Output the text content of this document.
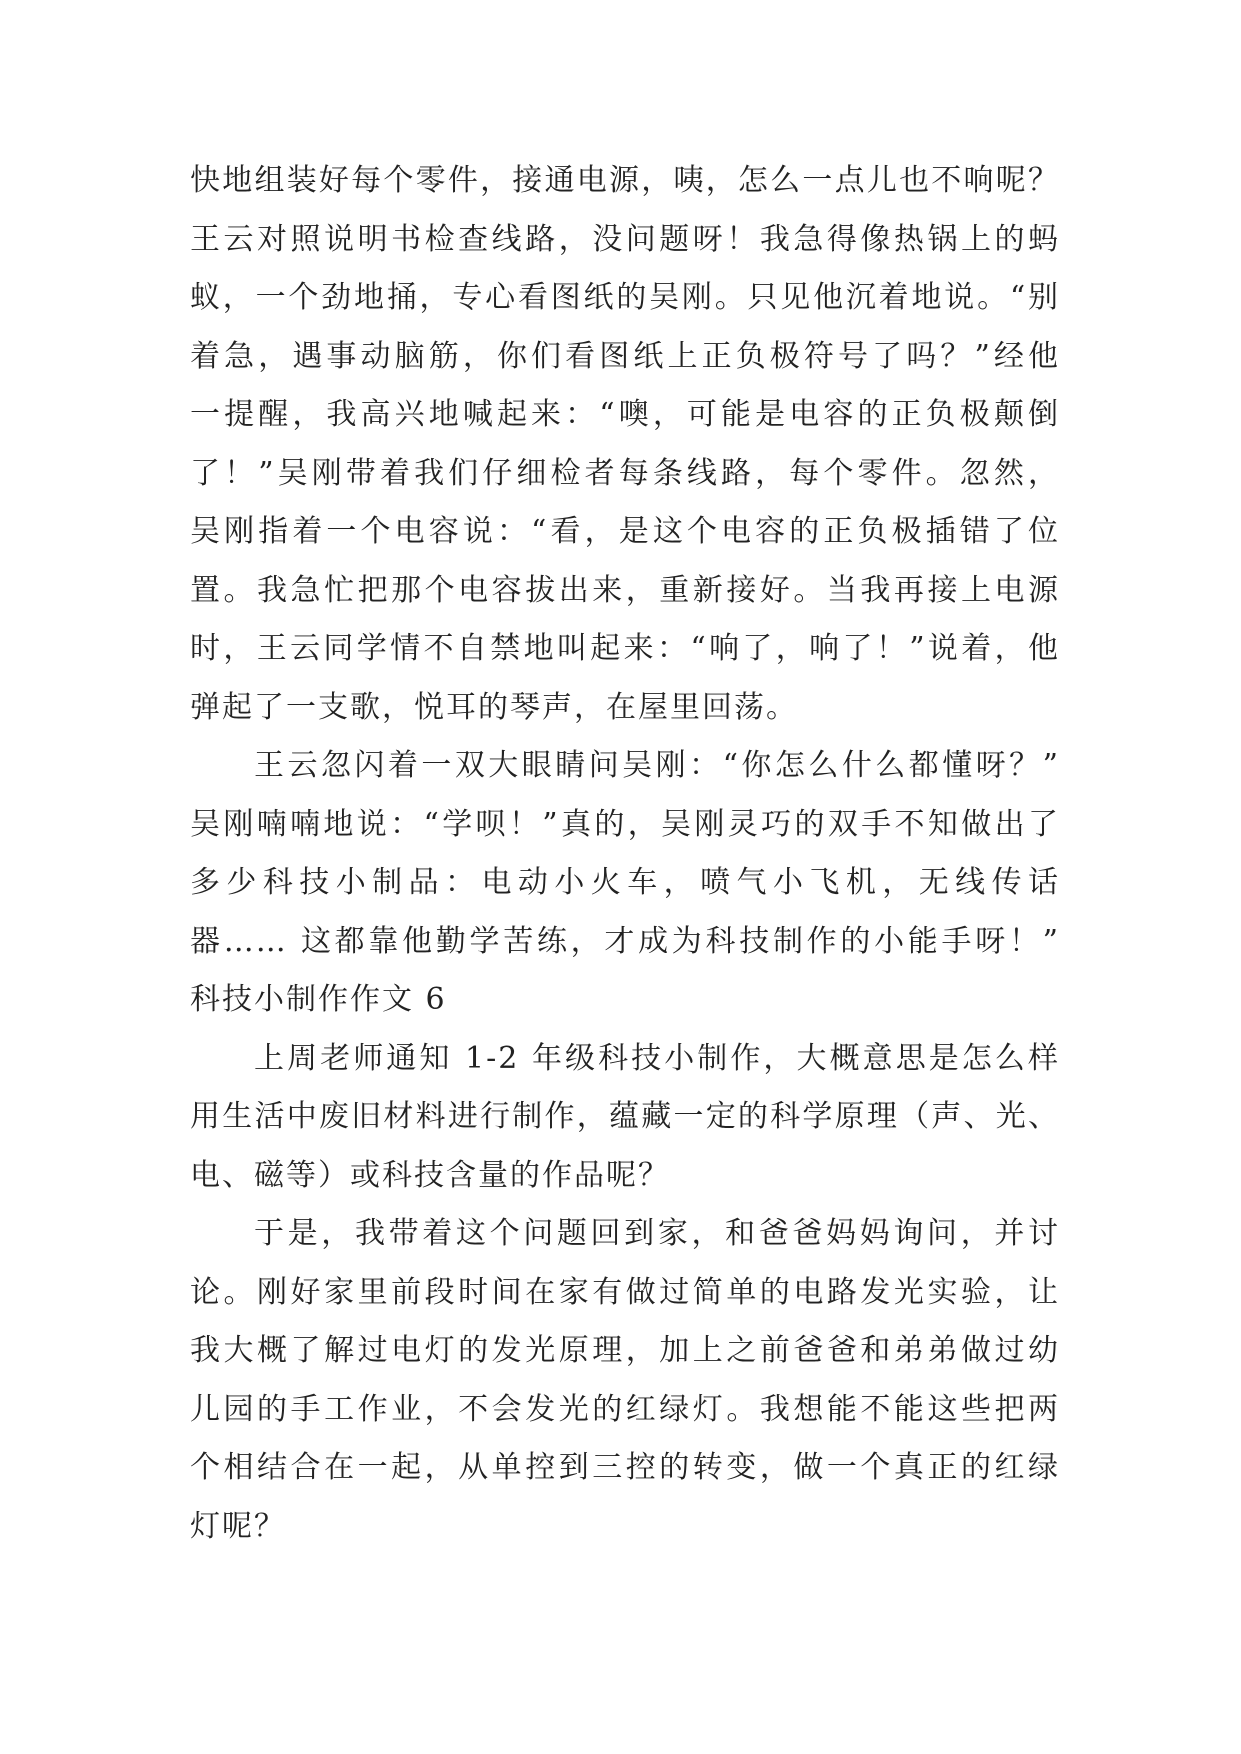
快地组装好每个零件，接通电源，咦，怎么一点儿也不响呢？
王云对照说明书检查线路，没问题呀！我急得像热锅上的蚂
蚁，一个劲地捅，专心看图纸的吴刚。只见他沉着地说。“别
着急，遇事动脑筋，你们看图纸上正负极符号了吗？”经他
一提醒，我高兴地喊起来：“噢，可能是电容的正负极颠倒
了！”吴刚带着我们仔细检者每条线路，每个零件。忽然，
吴刚指着一个电容说：“看，是这个电容的正负极插错了位
置。我急忙把那个电容拔出来，重新接好。当我再接上电源
时，王云同学情不自禁地叫起来：“响了，响了！”说着，他
弹起了一支歌，悦耳的琴声，在屋里回荡。
王云忽闪着一双大眼睛问吴刚：“你怎么什么都懂呀？”
吴刚喃喃地说：“学呗！”真的，吴刚灵巧的双手不知做出了
多少科技小制品：电动小火车，喷气小飞机，无线传话
器…… 这都靠他勤学苦练，才成为科技制作的小能手呀！”
科技小制作作文 6
上周老师通知 1-2 年级科技小制作，大概意思是怎么样
用生活中废旧材料进行制作，蕴藏一定的科学原理（声、光、
电、磁等）或科技含量的作品呢？
于是，我带着这个问题回到家，和爸爸妈妈询问，并讨
论。刚好家里前段时间在家有做过简单的电路发光实验，让
我大概了解过电灯的发光原理，加上之前爸爸和弟弟做过幼
儿园的手工作业，不会发光的红绿灯。我想能不能这些把两
个相结合在一起，从单控到三控的转变，做一个真正的红绿
灯呢？
